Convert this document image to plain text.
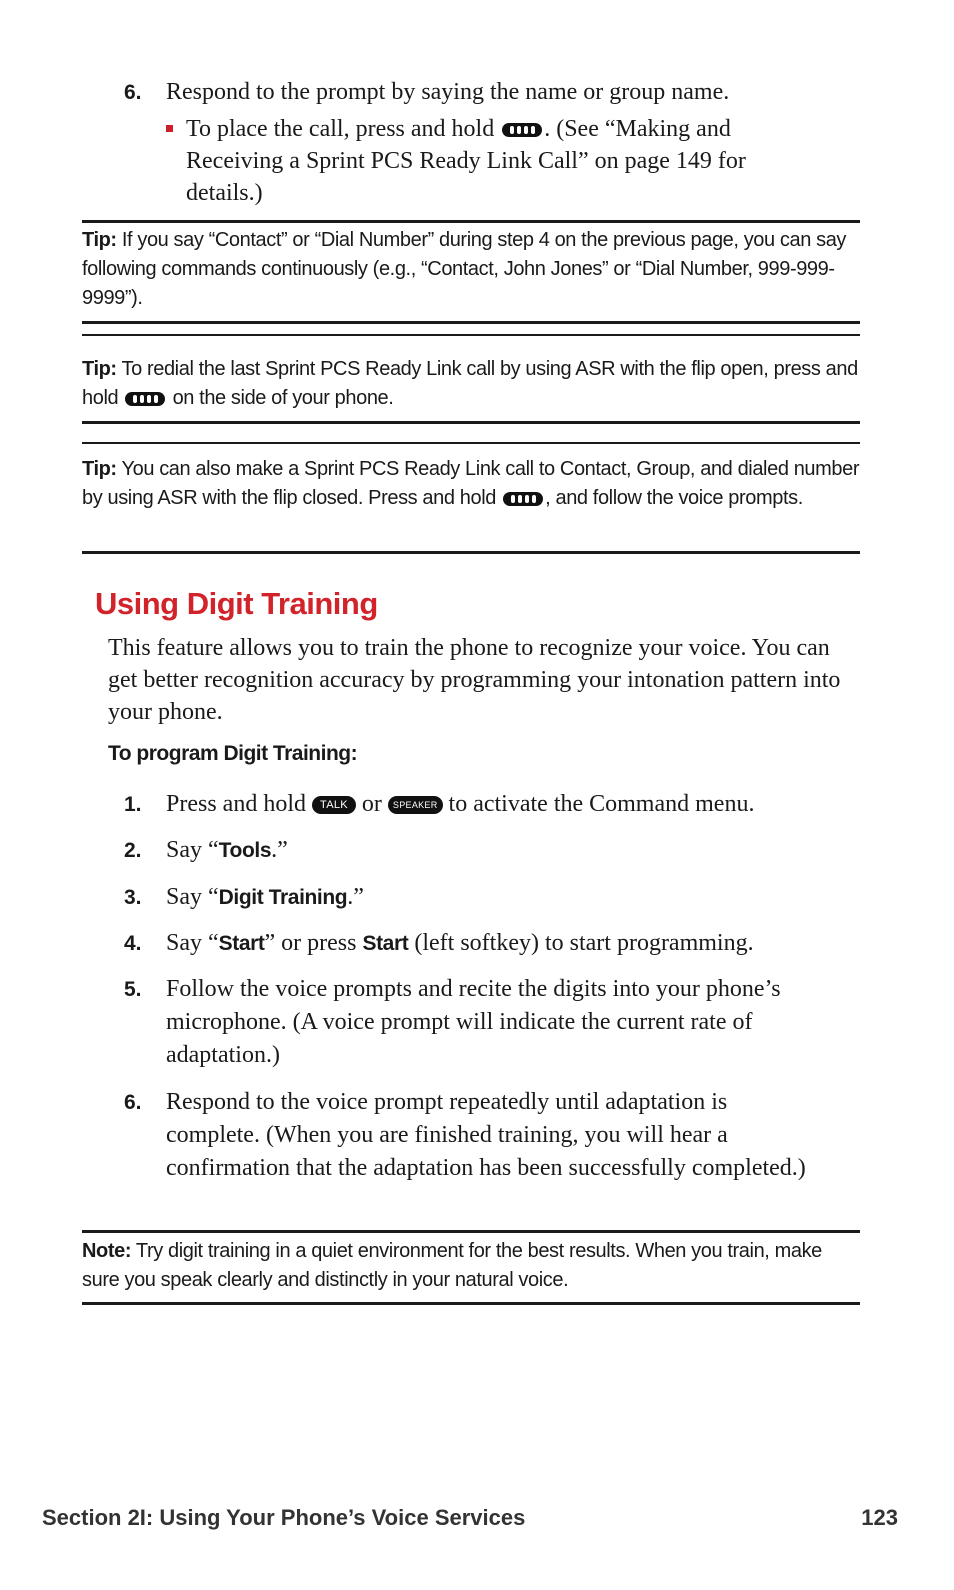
6. Respond to the prompt by saying the name or group name.
To place the call, press and hold . (See “Making and Receiving a Sprint PCS Ready Link Call” on page 149 for details.)
Tip: If you say “Contact” or “Dial Number” during step 4 on the previous page, you can say following commands continuously (e.g., “Contact, John Jones” or “Dial Number, 999-999-9999”).
Tip: To redial the last Sprint PCS Ready Link call by using ASR with the flip open, press and hold	on the side of your phone.
Tip: You can also make a Sprint PCS Ready Link call to Contact, Group, and dialed number by using ASR with the flip closed. Press and hold , and follow the voice prompts.
Using Digit Training
This feature allows you to train the phone to recognize your voice. You can get better recognition accuracy by programming your intonation pattern into your phone.
To program Digit Training:
1. Press and hold TALK or SPEAKER to activate the Command menu.
2. Say “Tools.”
3. Say “Digit Training.”
4. Say “Start” or press Start (left softkey) to start programming.
5. Follow the voice prompts and recite the digits into your phone’s microphone. (A voice prompt will indicate the current rate of adaptation.)
6. Respond to the voice prompt repeatedly until adaptation is complete. (When you are finished training, you will hear a confirmation that the adaptation has been successfully completed.)
Note: Try digit training in a quiet environment for the best results. When you train, make sure you speak clearly and distinctly in your natural voice.
Section 2I: Using Your Phone’s Voice Services	123
